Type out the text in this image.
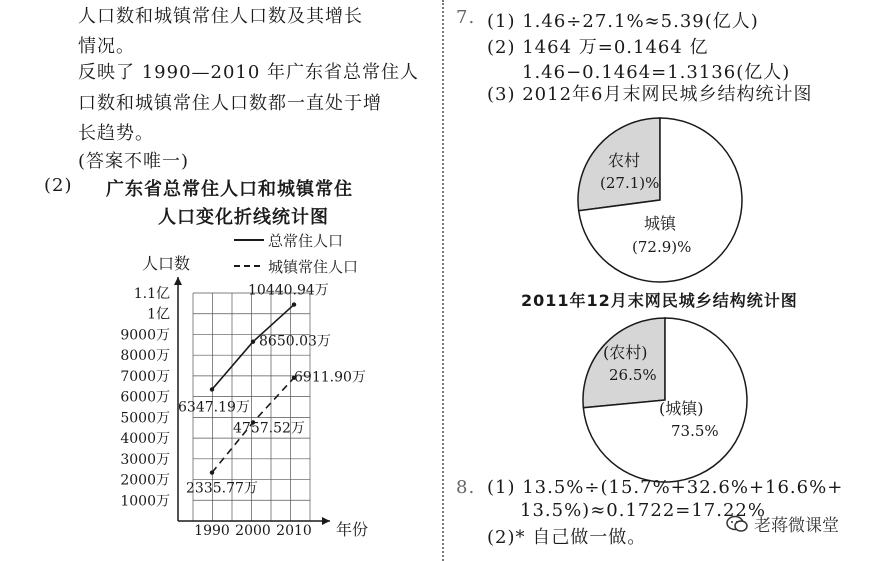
人口数和城镇常住人口数及其增长
情况。
反映了 1990—2010 年广东省总常住人
口数和城镇常住人口数都一直处于增
长趋势。
(答案不唯一)
(2) 广东省总常住人口和城镇常住
人口变化折线统计图
总常住人口
城镇常住人口
人口数
年份
1000万
2000万
3000万
4000万
5000万
6000万
7000万
8000万
9000万
1亿
1.1亿
1990 2000 2010
6347.19万
8650.03万
10440.94万
2335.77万
4757.52万
6911.90万
7. (1) 1.46÷27.1%≈5.39(亿人)
(2) 1464 万=0.1464 亿
1.46−0.1464=1.3136(亿人)
(3) 2012年6月末网民城乡结构统计图
农村
(27.1)%
城镇
(72.9)%
2011年12月末网民城乡结构统计图
(农村)
26.5%
(城镇)
73.5%
8. (1) 13.5%÷(15.7%+32.6%+16.6%+
13.5%)≈0.1722=17.22%
(2)* 自己做一做。
老蒋微课堂
